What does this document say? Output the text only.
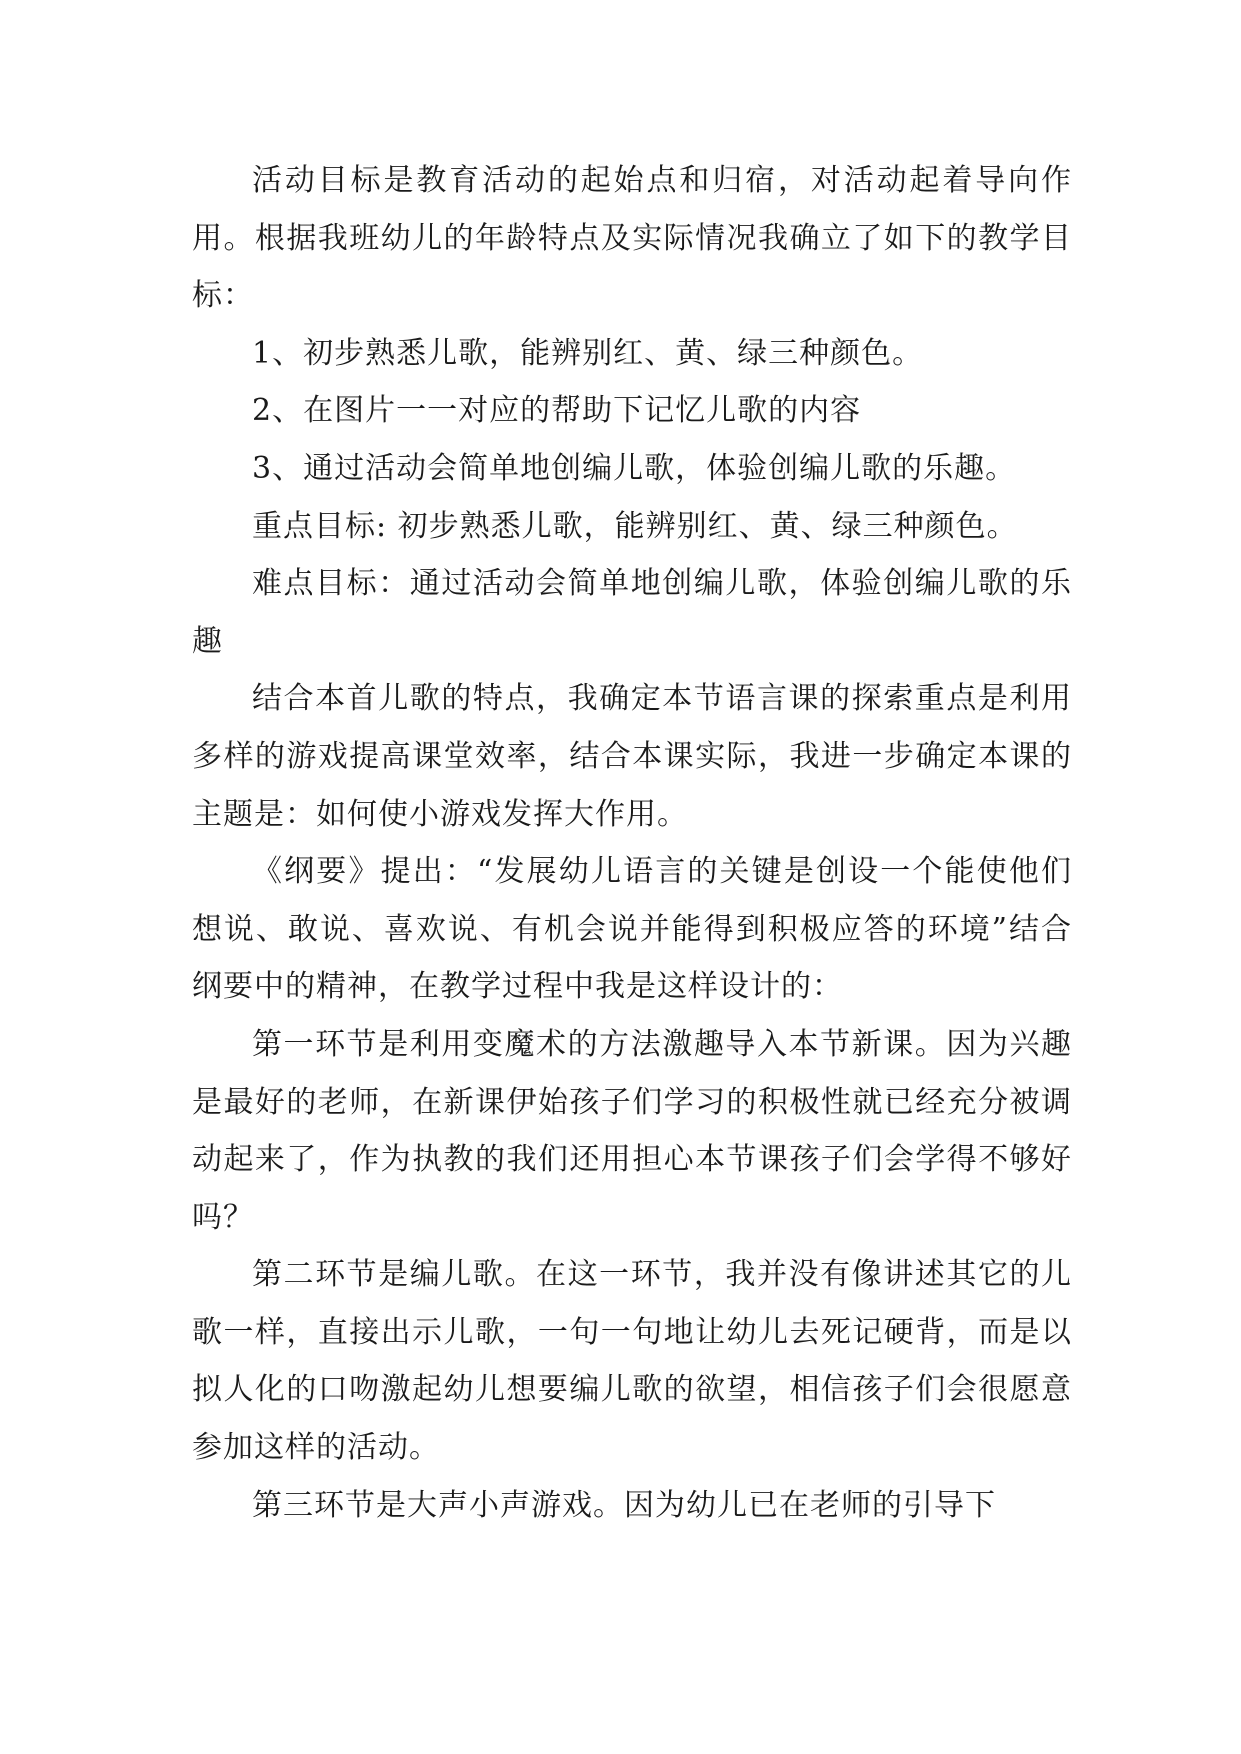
活动目标是教育活动的起始点和归宿，对活动起着导向作用。根据我班幼儿的年龄特点及实际情况我确立了如下的教学目标：

1、初步熟悉儿歌，能辨别红、黄、绿三种颜色。

2、在图片一一对应的帮助下记忆儿歌的内容

3、通过活动会简单地创编儿歌，体验创编儿歌的乐趣。

重点目标: 初步熟悉儿歌，能辨别红、黄、绿三种颜色。

难点目标：通过活动会简单地创编儿歌，体验创编儿歌的乐趣

结合本首儿歌的特点，我确定本节语言课的探索重点是利用多样的游戏提高课堂效率，结合本课实际，我进一步确定本课的主题是：如何使小游戏发挥大作用。

《纲要》提出：“发展幼儿语言的关键是创设一个能使他们想说、敢说、喜欢说、有机会说并能得到积极应答的环境”结合纲要中的精神，在教学过程中我是这样设计的：

第一环节是利用变魔术的方法激趣导入本节新课。因为兴趣是最好的老师，在新课伊始孩子们学习的积极性就已经充分被调动起来了，作为执教的我们还用担心本节课孩子们会学得不够好吗？

第二环节是编儿歌。在这一环节，我并没有像讲述其它的儿歌一样，直接出示儿歌，一句一句地让幼儿去死记硬背，而是以拟人化的口吻激起幼儿想要编儿歌的欲望，相信孩子们会很愿意参加这样的活动。

第三环节是大声小声游戏。因为幼儿已在老师的引导下
